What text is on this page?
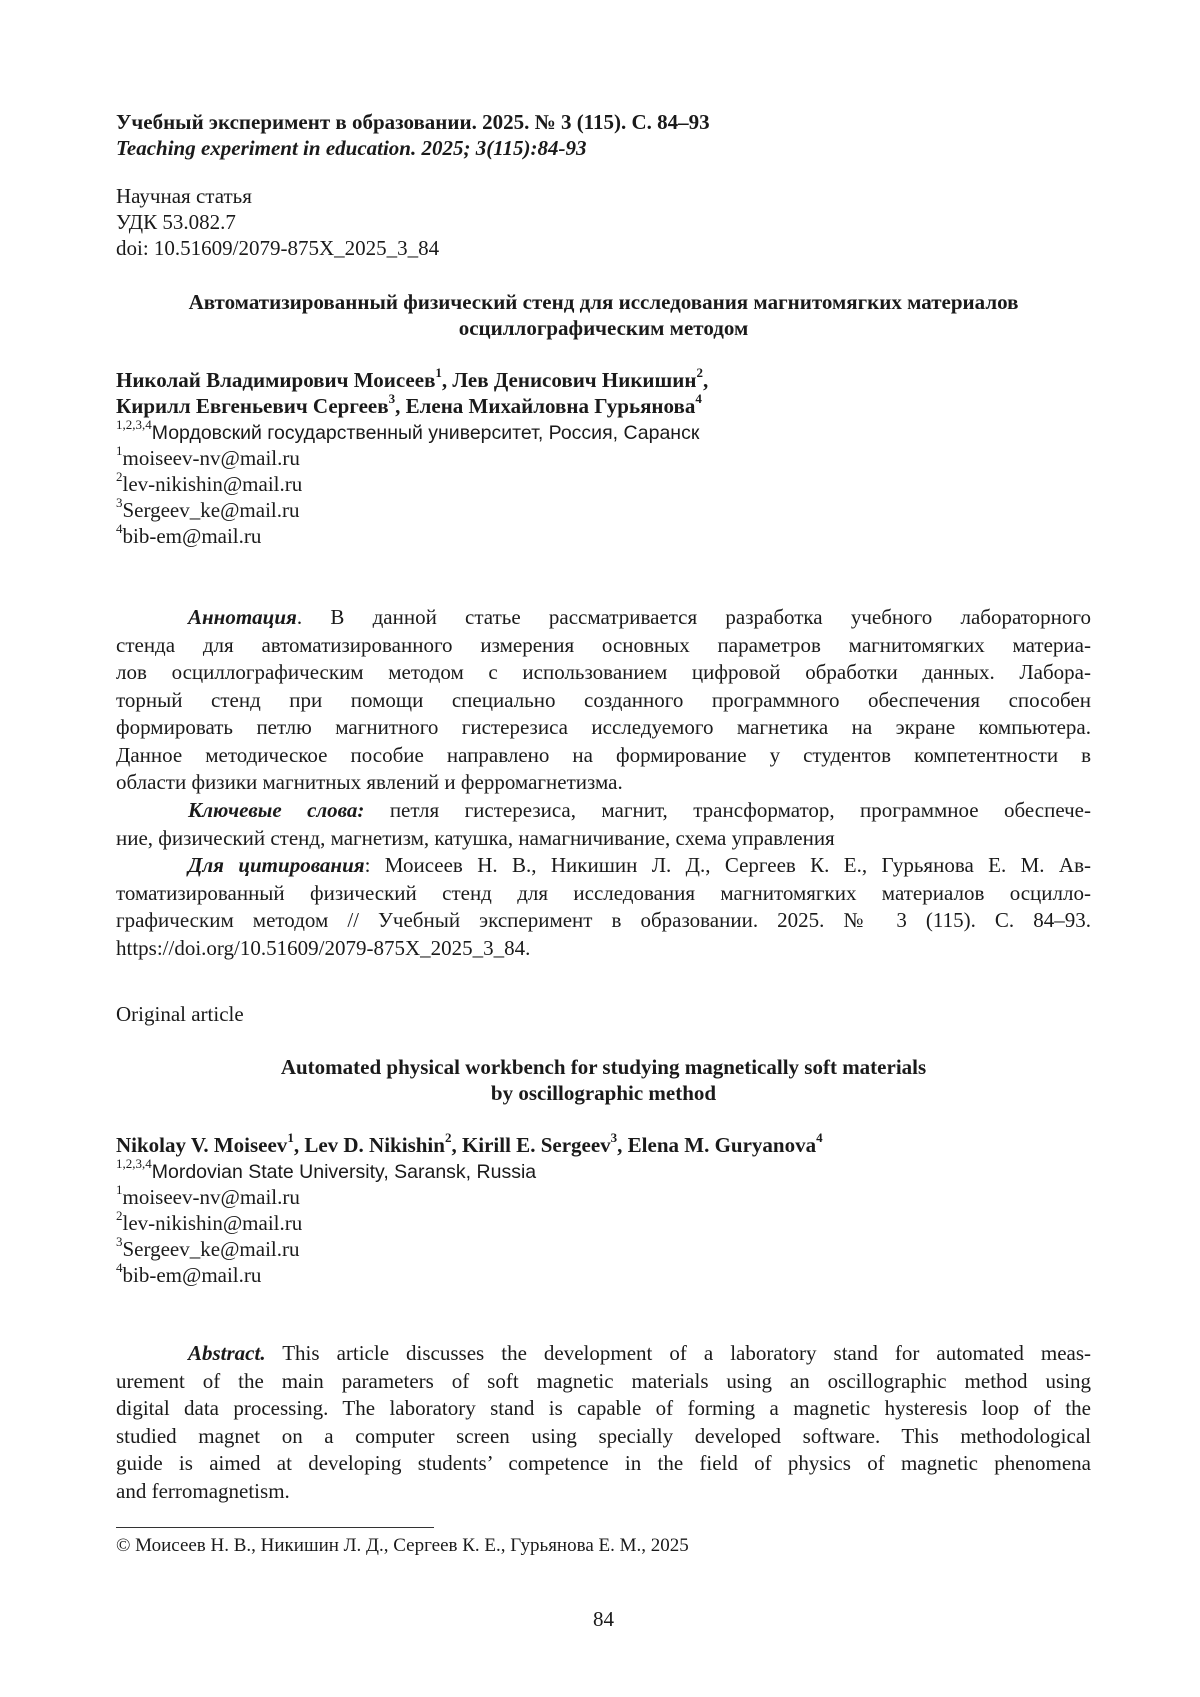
Учебный эксперимент в образовании. 2025. № 3 (115). С. 84–93
Teaching experiment in education. 2025; 3(115):84-93
Научная статья
УДК 53.082.7
doi: 10.51609/2079-875X_2025_3_84
Автоматизированный физический стенд для исследования магнитомягких материалов
осциллографическим методом
Николай Владимирович Моисеев$^1$, Лев Денисович Никишин$^2$,
Кирилл Евгеньевич Сергеев$^3$, Елена Михайловна Гурьянова$^4$
$^{1,2,3,4}$Мордовский государственный университет, Россия, Саранск
$^1$moiseev-nv@mail.ru
$^2$lev-nikishin@mail.ru
$^3$Sergeev_ke@mail.ru
$^4$bib-em@mail.ru
Аннотация. В данной статье рассматривается разработка учебного лабораторного
стенда для автоматизированного измерения основных параметров магнитомягких материа-
лов осциллографическим методом с использованием цифровой обработки данных. Лабора-
торный стенд при помощи специально созданного программного обеспечения способен
формировать петлю магнитного гистерезиса исследуемого магнетика на экране компьютера.
Данное методическое пособие направлено на формирование у студентов компетентности в
области физики магнитных явлений и ферромагнетизма.
Ключевые слова: петля гистерезиса, магнит, трансформатор, программное обеспече-
ние, физический стенд, магнетизм, катушка, намагничивание, схема управления
Для цитирования: Моисеев Н. В., Никишин Л. Д., Сергеев К. Е., Гурьянова Е. М. Ав-
томатизированный физический стенд для исследования магнитомягких материалов осцилло-
графическим методом // Учебный эксперимент в образовании. 2025. № 3 (115). С. 84–93.
https://doi.org/10.51609/2079-875X_2025_3_84.
Original article
Automated physical workbench for studying magnetically soft materials
by oscillographic method
Nikolay V. Moiseev$^1$, Lev D. Nikishin$^2$, Kirill E. Sergeev$^3$, Elena M. Guryanova$^4$
$^{1,2,3,4}$Mordovian State University, Saransk, Russia
$^1$moiseev-nv@mail.ru
$^2$lev-nikishin@mail.ru
$^3$Sergeev_ke@mail.ru
$^4$bib-em@mail.ru
Abstract. This article discusses the development of a laboratory stand for automated meas-
urement of the main parameters of soft magnetic materials using an oscillographic method using
digital data processing. The laboratory stand is capable of forming a magnetic hysteresis loop of the
studied magnet on a computer screen using specially developed software. This methodological
guide is aimed at developing students’ competence in the field of physics of magnetic phenomena
and ferromagnetism.
© Моисеев Н. В., Никишин Л. Д., Сергеев К. Е., Гурьянова Е. М., 2025
84
